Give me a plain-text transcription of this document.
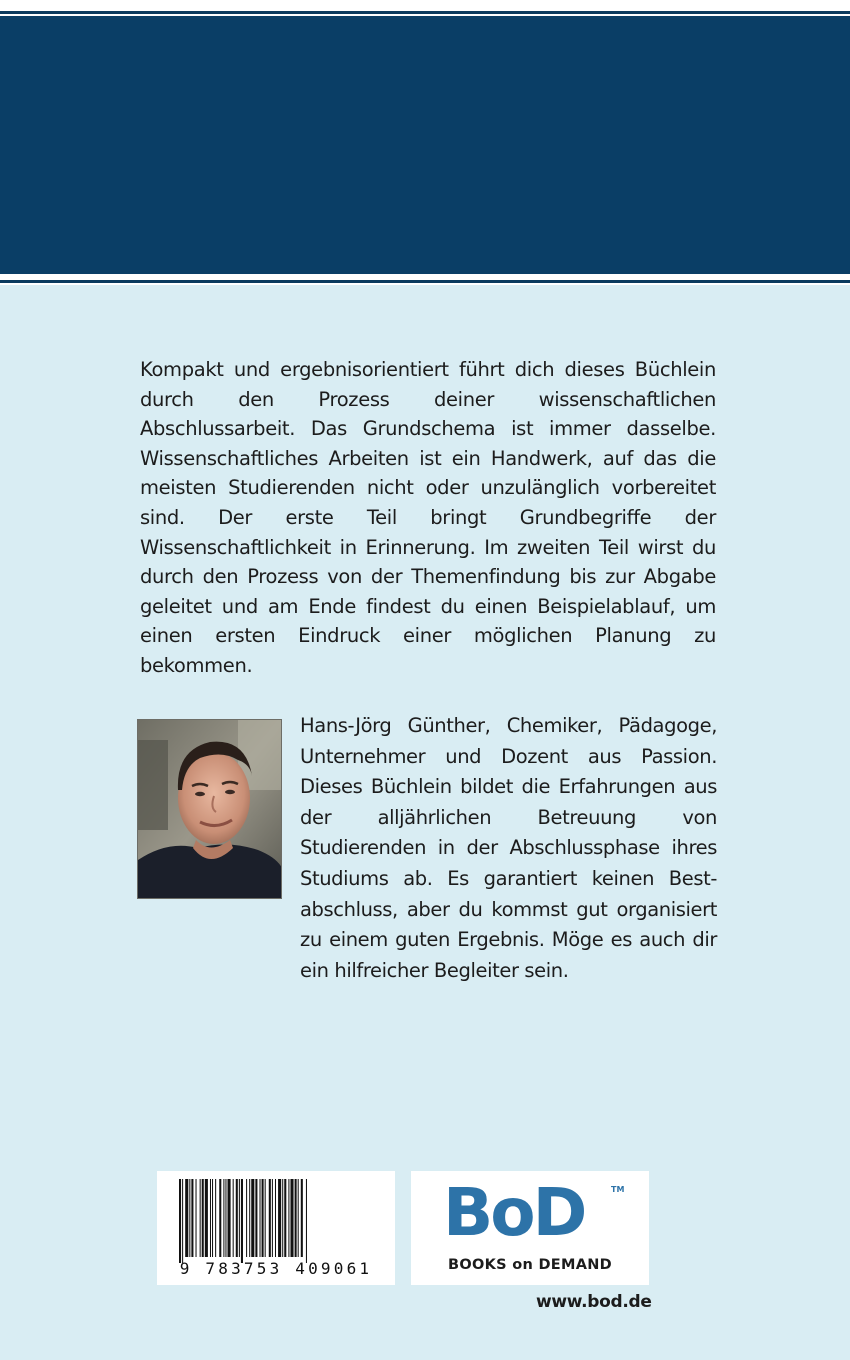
Kompakt und ergebnisorientiert führt dich dieses Büchlein durch den Prozess deiner wissenschaftlichen Abschlussarbeit. Das Grundschema ist immer dasselbe. Wissenschaftliches Arbeiten ist ein Handwerk, auf das die meisten Studierenden nicht oder unzulänglich vorbereitet sind. Der erste Teil bringt Grundbegriffe der Wissenschaftlichkeit in Erinnerung. Im zweiten Teil wirst du durch den Prozess von der Themenfindung bis zur Abgabe geleitet und am Ende findest du einen Beispielablauf, um einen ersten Eindruck einer möglichen Planung zu bekommen.

Hans-Jörg Günther, Chemiker, Pädagoge, Unternehmer und Dozent aus Passion. Dieses Büchlein bildet die Erfahrungen aus der alljährlichen Betreuung von Studierenden in der Abschlussphase ihres Studiums ab. Es garantiert keinen Best-abschluss, aber du kommst gut organisiert zu einem guten Ergebnis. Möge es auch dir ein hilfreicher Begleiter sein.

9 783753 409061
BoD	TM
BOOKS on DEMAND
www.bod.de
